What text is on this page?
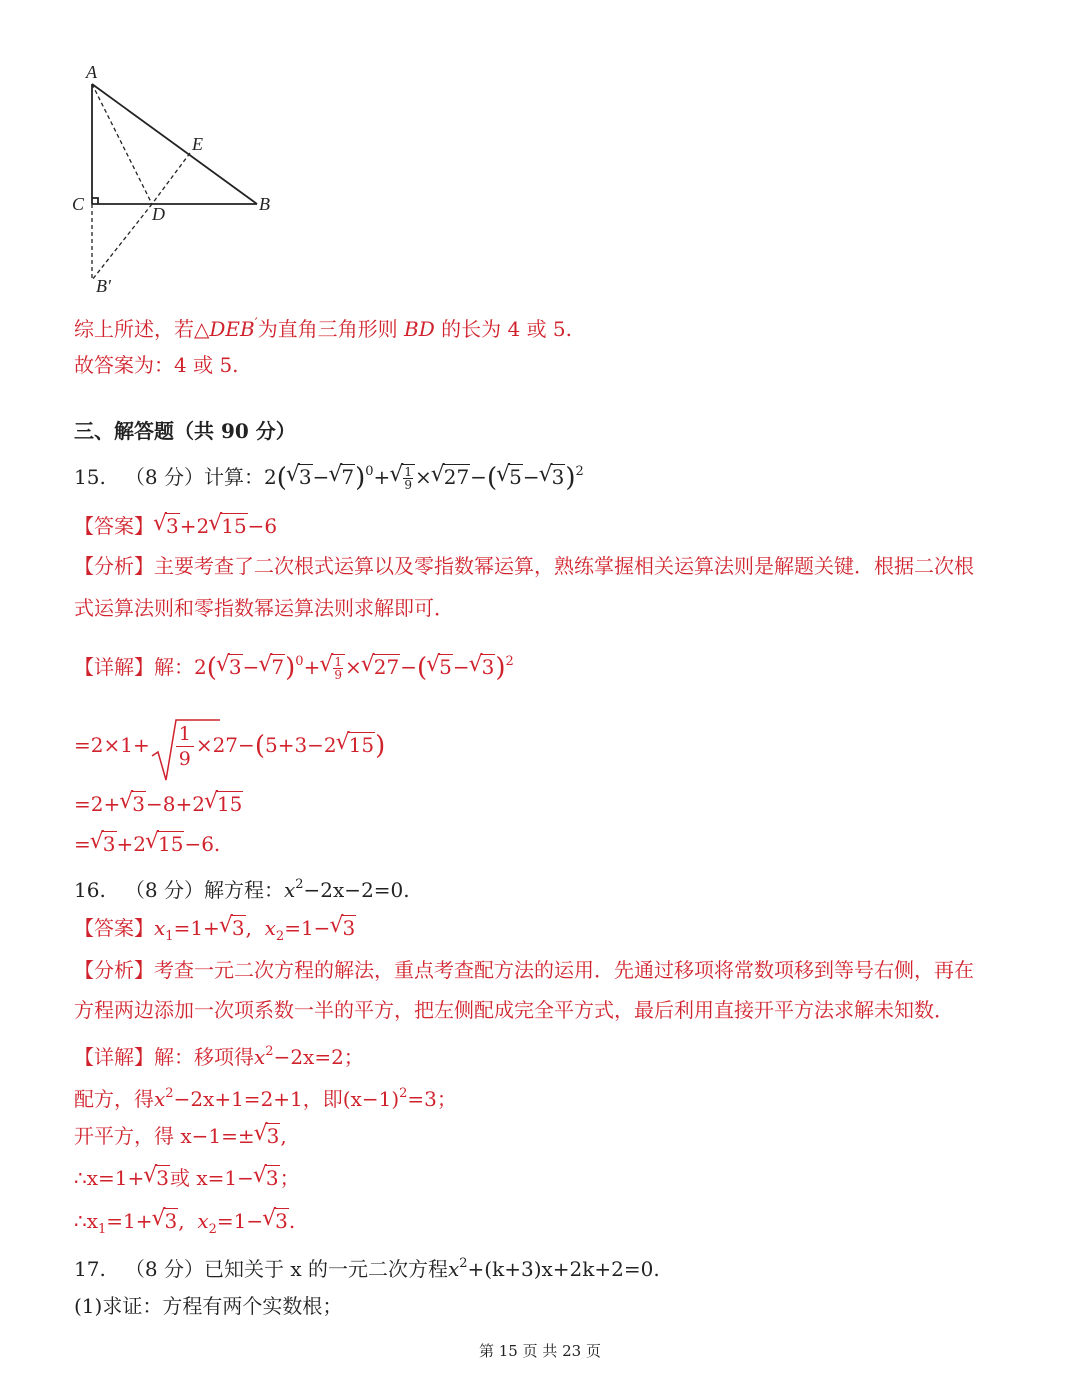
A
E
C	D	B
B′
综上所述，若△DEB′为直角三角形则 BD 的长为 4 或 5.
故答案为：4 或 5.
三、解答题（共 90 分）
15. （8 分）计算：2(√ 3−√ 7)$^0$+
√ $\frac{1}{9}$ ×√ 27−(√ 5−√ 3)$^2$
【答案】√ 3+2√ 15−6
【分析】主要考查了二次根式运算以及零指数幂运算，熟练掌握相关运算法则是解题关键．根据二次根
式运算法则和零指数幂运算法则求解即可．
【详解】解：2(√ 3−√ 7)$^0$+
√ $\frac{1}{9}$ ×√ 27−(√ 5−√ 3)$^2$
$=2\times 1+ \frac{1}{9} \times 27-(5+3-2√$ 15)
=2+√ 3−8+2√ 15
=√ 3+2√ 15−6.
16. （8 分）解方程：$x^2-2x-2=0$.
【答案】$x_1=1+√$ 3,  $x_2=1-√$ 3
【分析】考查一元二次方程的解法，重点考查配方法的运用．先通过移项将常数项移到等号右侧，再在
方程两边添加一次项系数一半的平方，把左侧配成完全平方式，最后利用直接开平方法求解未知数．
【详解】解：移项得$x^2-2x=2$；
配方，得$x^2-2x+1=2+1$，即$(x-1)^2=3$；
开平方，得 x−1=±√ 3,
∴x=1+√ 3或 x=1−√ 3；
$\therefore x_1=1+√$ 3,  $x_2=1-√$ 3.
17. （8 分）已知关于 x 的一元二次方程$x^2+(k+3)x+2k+2=0$.
(1)求证：方程有两个实数根；
第 15 页 共 23 页
